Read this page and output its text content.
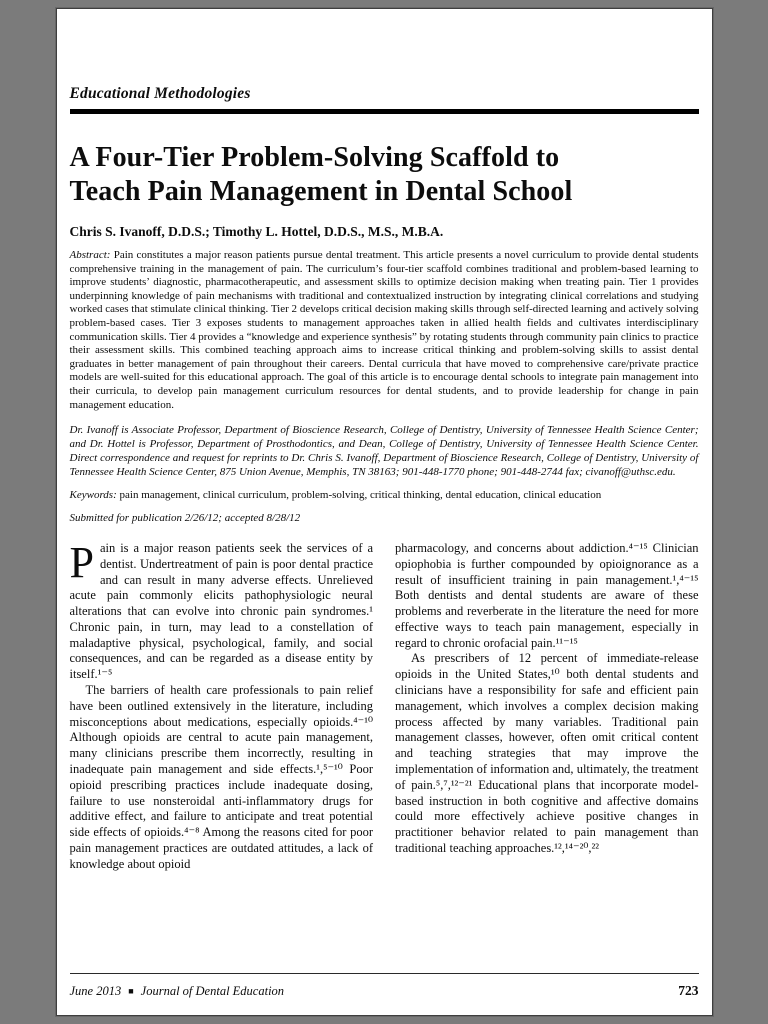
Educational Methodologies
A Four-Tier Problem-Solving Scaffold to
Teach Pain Management in Dental School
Chris S. Ivanoff, D.D.S.; Timothy L. Hottel, D.D.S., M.S., M.B.A.

Abstract: Pain constitutes a major reason patients pursue dental treatment. This article presents a novel curriculum to provide dental students comprehensive training in the management of pain. The curriculum’s four-tier scaffold combines traditional and problem-based learning to improve students’ diagnostic, pharmacotherapeutic, and assessment skills to optimize decision making when treating pain. Tier 1 provides underpinning knowledge of pain mechanisms with traditional and contextualized instruction by integrating clinical correlations and studying worked cases that stimulate clinical thinking. Tier 2 develops critical decision making skills through self-directed learning and actively solving problem-based cases. Tier 3 exposes students to management approaches taken in allied health fields and cultivates interdisciplinary communication skills. Tier 4 provides a “knowledge and experience synthesis” by rotating students through community pain clinics to practice their assessment skills. This combined teaching approach aims to increase critical thinking and problem-solving skills to assist dental graduates in better management of pain throughout their careers. Dental curricula that have moved to comprehensive care/private practice models are well-suited for this educational approach. The goal of this article is to encourage dental schools to integrate pain management into their curricula, to develop pain management curriculum resources for dental students, and to provide leadership for change in pain management education.

Dr. Ivanoff is Associate Professor, Department of Bioscience Research, College of Dentistry, University of Tennessee Health Science Center; and Dr. Hottel is Professor, Department of Prosthodontics, and Dean, College of Dentistry, University of Tennessee Health Science Center. Direct correspondence and request for reprints to Dr. Chris S. Ivanoff, Department of Bioscience Research, College of Dentistry, University of Tennessee Health Science Center, 875 Union Avenue, Memphis, TN 38163; 901-448-1770 phone; 901-448-2744 fax; civanoff@uthsc.edu.

Keywords: pain management, clinical curriculum, problem-solving, critical thinking, dental education, clinical education

Submitted for publication 2/26/12; accepted 8/28/12

Pain is a major reason patients seek the services of a dentist. Undertreatment of pain is poor dental practice and can result in many adverse effects. Unrelieved acute pain commonly elicits pathophysiologic neural alterations that can evolve into chronic pain syndromes.¹ Chronic pain, in turn, may lead to a constellation of maladaptive physical, psychological, family, and social consequences, and can be regarded as a disease entity by itself.¹⁻⁵

The barriers of health care professionals to pain relief have been outlined extensively in the literature, including misconceptions about medications, especially opioids.⁴⁻¹⁰ Although opioids are central to acute pain management, many clinicians prescribe them incorrectly, resulting in inadequate pain management and side effects.¹,⁵⁻¹⁰ Poor opioid prescribing practices include inadequate dosing, failure to use nonsteroidal anti-inflammatory drugs for additive effect, and failure to anticipate and treat potential side effects of opioids.⁴⁻⁸ Among the reasons cited for poor pain management practices are outdated attitudes, a lack of knowledge about opioid

pharmacology, and concerns about addiction.⁴⁻¹⁵ Clinician opiophobia is further compounded by opioignorance as a result of insufficient training in pain management.¹,⁴⁻¹⁵ Both dentists and dental students are aware of these problems and reverberate in the literature the need for more effective ways to teach pain management, especially in regard to chronic orofacial pain.¹¹⁻¹⁵

As prescribers of 12 percent of immediate-release opioids in the United States,¹⁰ both dental students and clinicians have a responsibility for safe and efficient pain management, which involves a complex decision making process affected by many variables. Traditional pain management classes, however, often omit critical content and teaching strategies that may improve the implementation of information and, ultimately, the treatment of pain.⁵,⁷,¹²⁻²¹ Educational plans that incorporate model-based instruction in both cognitive and affective domains could more effectively achieve positive changes in practitioner behavior related to pain management than traditional teaching approaches.¹²,¹⁴⁻²⁰,²²

June 2013 ■ Journal of Dental Education	723
